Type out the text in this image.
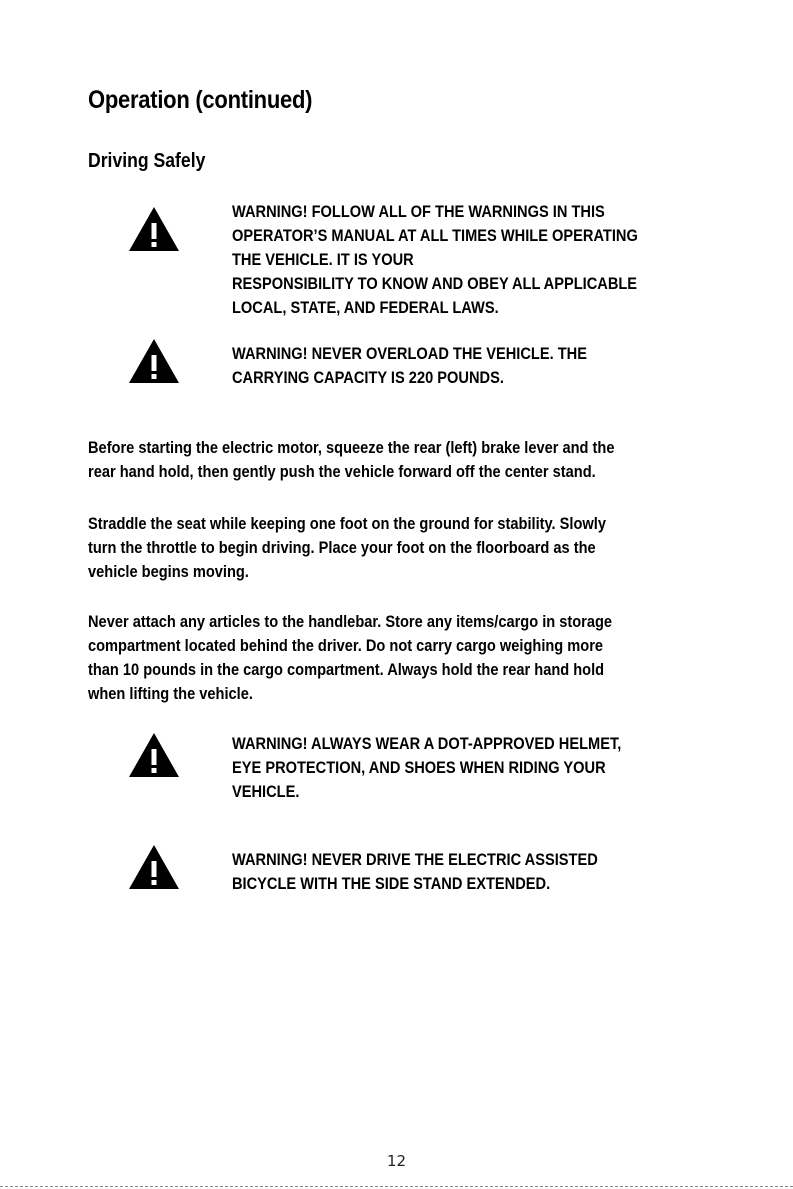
Operation (continued)
Driving Safely
WARNING! FOLLOW ALL OF THE WARNINGS IN THIS
OPERATOR’S MANUAL AT ALL TIMES WHILE OPERATING
THE VEHICLE. IT IS YOUR
RESPONSIBILITY TO KNOW AND OBEY ALL APPLICABLE
LOCAL, STATE, AND FEDERAL LAWS.
WARNING! NEVER OVERLOAD THE VEHICLE. THE
CARRYING CAPACITY IS 220 POUNDS.
Before starting the electric motor, squeeze the rear (left) brake lever and the
rear hand hold, then gently push the vehicle forward off the center stand.
Straddle the seat while keeping one foot on the ground for stability. Slowly
turn the throttle to begin driving. Place your foot on the floorboard as the
vehicle begins moving.
Never attach any articles to the handlebar. Store any items/cargo in storage
compartment located behind the driver. Do not carry cargo weighing more
than 10 pounds in the cargo compartment. Always hold the rear hand hold
when lifting the vehicle.
WARNING! ALWAYS WEAR A DOT-APPROVED HELMET,
EYE PROTECTION, AND SHOES WHEN RIDING YOUR
VEHICLE.
WARNING! NEVER DRIVE THE ELECTRIC ASSISTED
BICYCLE WITH THE SIDE STAND EXTENDED.
12
